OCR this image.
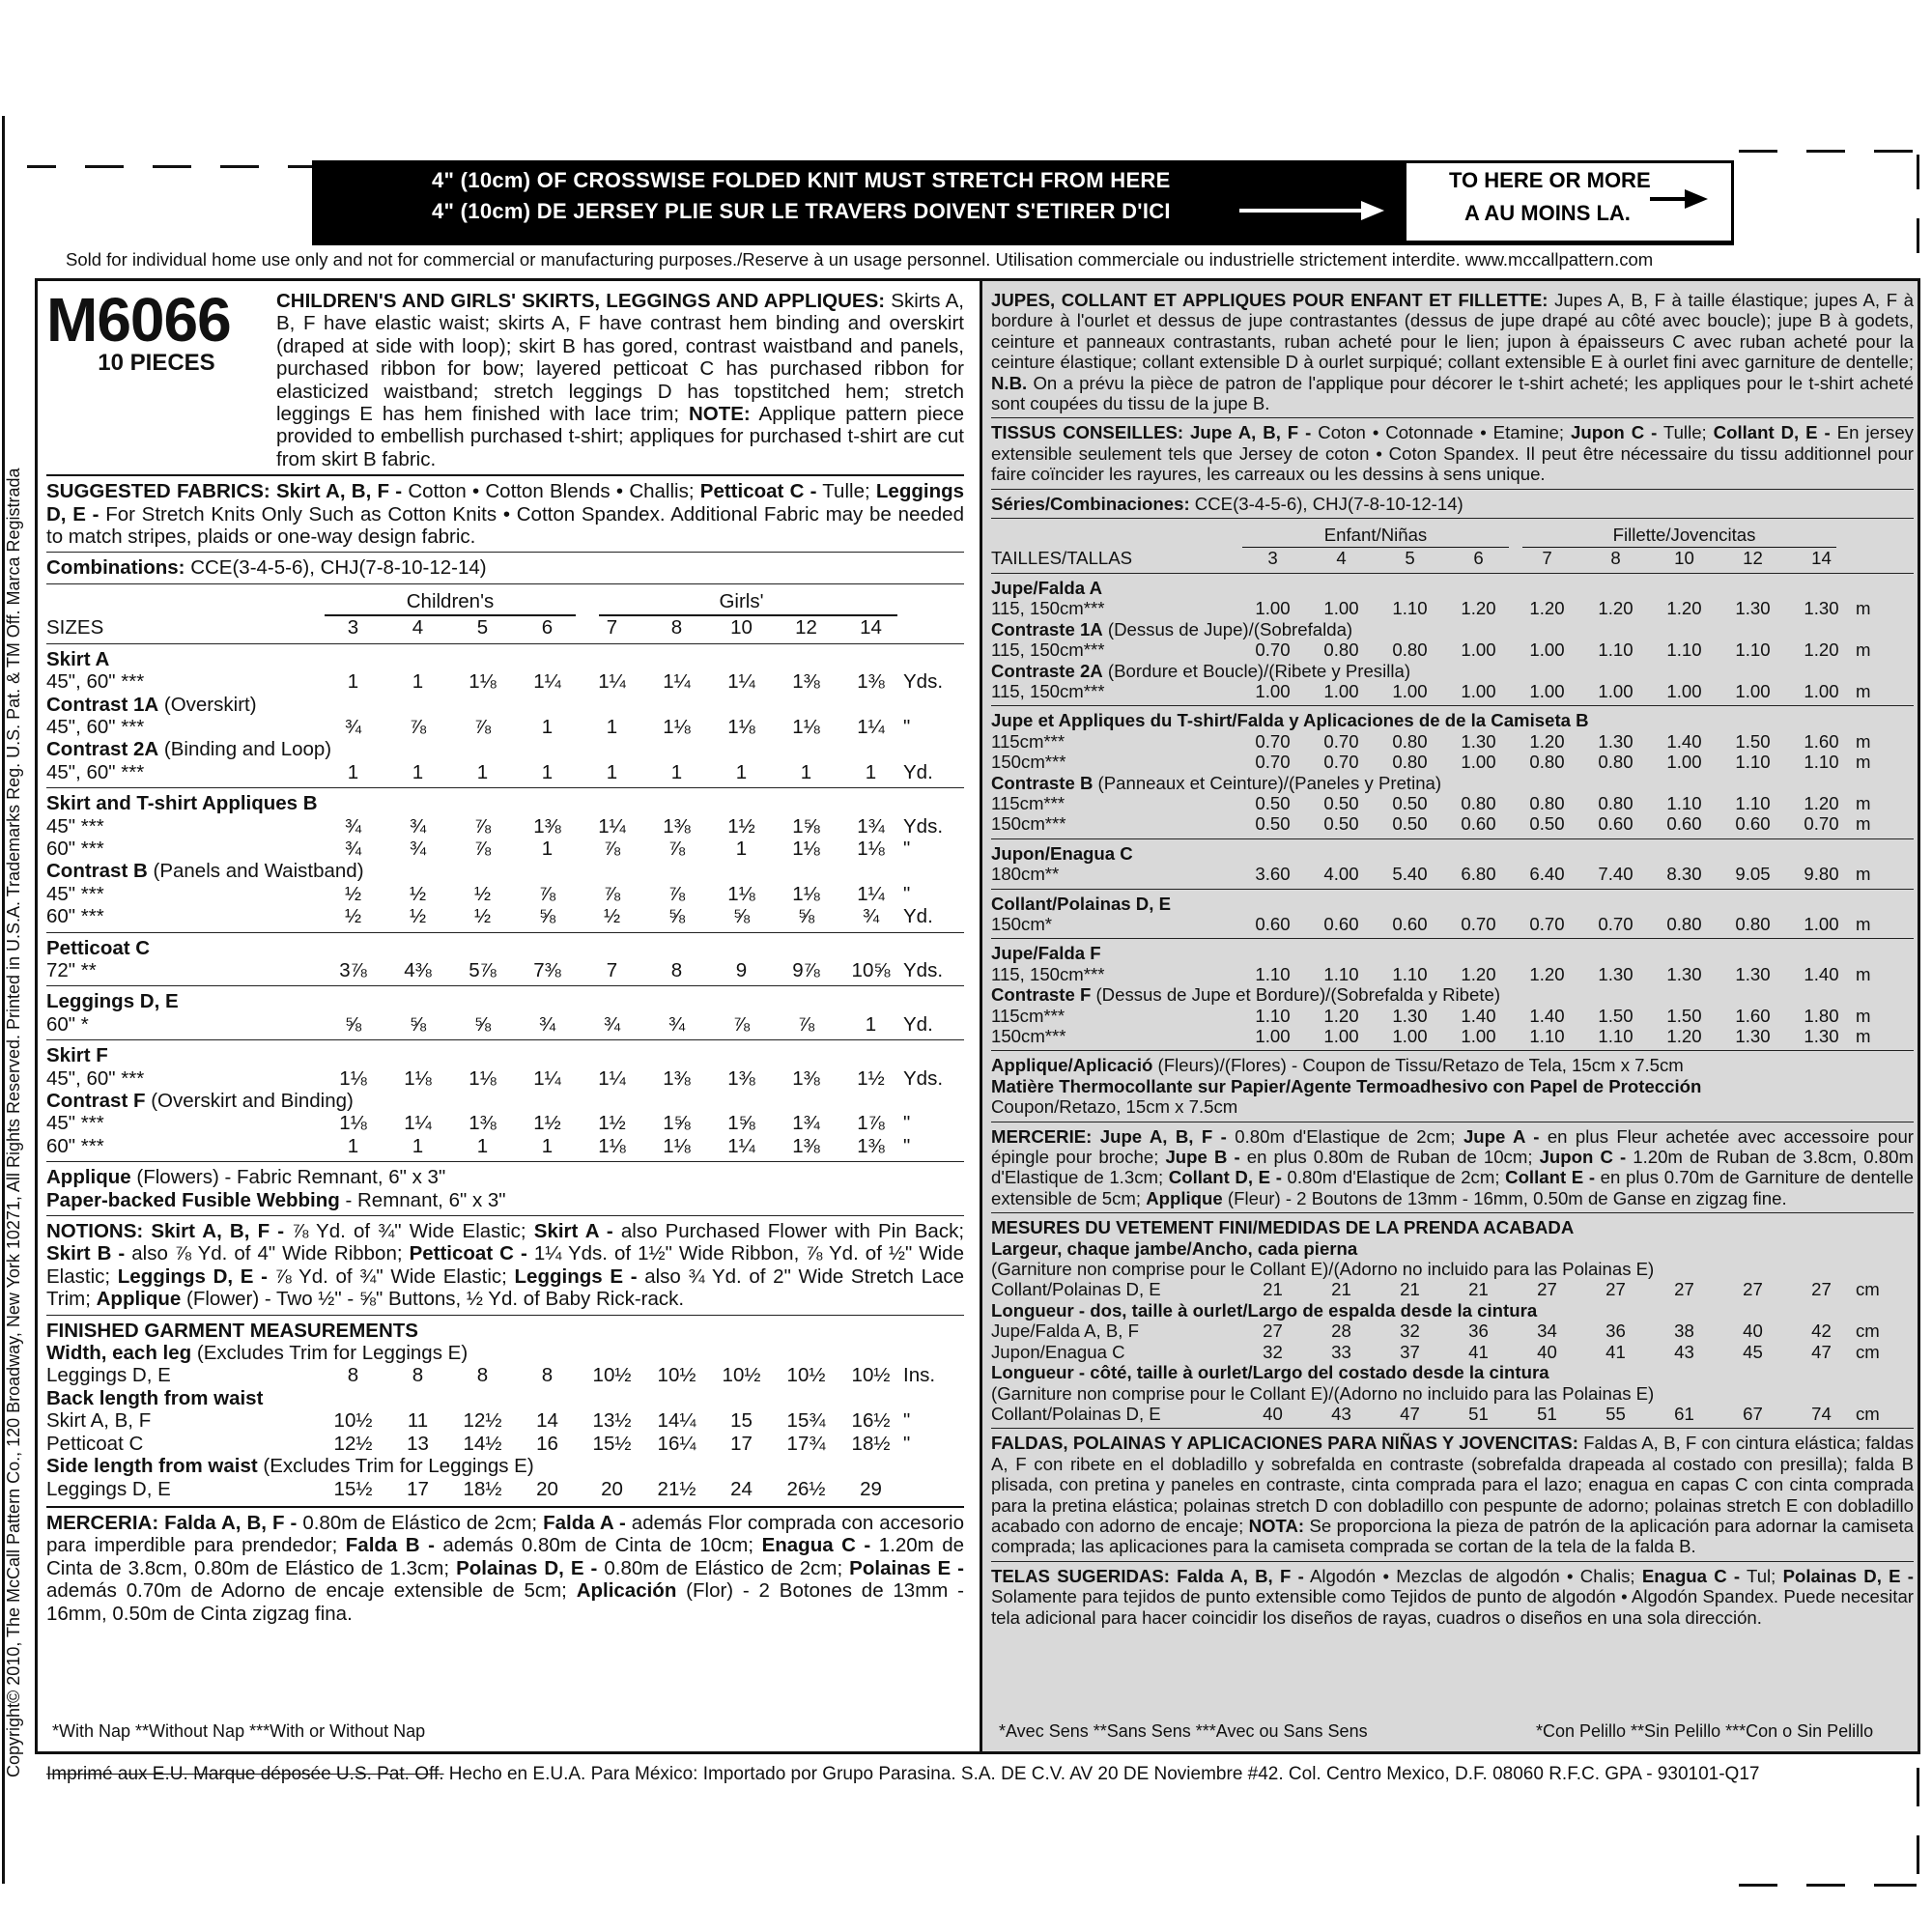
4" (10cm) OF CROSSWISE FOLDED KNIT MUST STRETCH FROM HERE
4" (10cm) DE JERSEY PLIE SUR LE TRAVERS DOIVENT S'ETIRER D'ICI
TO HERE OR MORE
A AU MOINS LA.
Sold for individual home use only and not for commercial or manufacturing purposes./Reserve à un usage personnel. Utilisation commerciale ou industrielle strictement interdite. www.mccallpattern.com
Copyright© 2010, The McCall Pattern Co., 120 Broadway, New York 10271, All Rights Reserved. Printed in U.S.A. Trademarks Reg. U.S. Pat. & TM Off. Marca Registrada
M6066
10 PIECES

CHILDREN'S AND GIRLS' SKIRTS, LEGGINGS AND APPLIQUES: Skirts A, B, F have elastic waist; skirts A, F have contrast hem binding and overskirt (draped at side with loop); skirt B has gored, contrast waistband and panels, purchased ribbon for bow; layered petticoat C has purchased ribbon for elasticized waistband; stretch leggings D has topstitched hem; stretch leggings E has hem finished with lace trim; NOTE: Applique pattern piece provided to embellish purchased t-shirt; appliques for purchased t-shirt are cut from skirt B fabric.

SUGGESTED FABRICS: Skirt A, B, F - Cotton • Cotton Blends • Challis; Petticoat C - Tulle; Leggings D, E - For Stretch Knits Only Such as Cotton Knits • Cotton Spandex. Additional Fabric may be needed to match stripes, plaids or one-way design fabric.

Combinations: CCE(3-4-5-6), CHJ(7-8-10-12-14)
Children's	Girls'
SIZES	3	4	5	6	7	8	10	12	14
Skirt A
45", 60" ***	1	1	1⅛	1¼	1¼	1¼	1¼	1⅜	1⅜ Yds.
Contrast 1A (Overskirt)
45", 60" ***	¾	⅞	⅞	1	1	1⅛	1⅛	1⅛	1¼ "
Contrast 2A (Binding and Loop)
45", 60" ***	1	1	1	1	1	1	1	1	1	Yd.
Skirt and T-shirt Appliques B
45" ***	¾	¾	⅞	1⅜	1¼	1⅜	1½	1⅝	1¾ Yds.
60" ***	¾	¾	⅞	1	⅞	⅞	1	1⅛	1⅛ "
Contrast B (Panels and Waistband)
45" ***	½	½	½	⅞	⅞	⅞	1⅛	1⅛	1¼ "
60" ***	½	½	½	⅝	½	⅝	⅝	⅝	¾	Yd.
Petticoat C
72" **	3⅞	4⅜	5⅞	7⅜	7	8	9	9⅞	10⅝ Yds.
Leggings D, E
60" *	⅝	⅝	⅝	¾	¾	¾	⅞	⅞	1	Yd.
Skirt F
45", 60" ***	1⅛	1⅛	1⅛	1¼	1¼	1⅜	1⅜	1⅜	1½ Yds.
Contrast F (Overskirt and Binding)
45" ***	1⅛	1¼	1⅜	1½	1½	1⅝	1⅝	1¾	1⅞ "
60" ***	1	1	1	1	1⅛	1⅛	1¼	1⅜	1⅜ "
Applique (Flowers) - Fabric Remnant, 6" x 3"
Paper-backed Fusible Webbing - Remnant, 6" x 3"

NOTIONS: Skirt A, B, F - ⅞ Yd. of ¾" Wide Elastic; Skirt A - also Purchased Flower with Pin Back; Skirt B - also ⅞ Yd. of 4" Wide Ribbon; Petticoat C - 1¼ Yds. of 1½" Wide Ribbon, ⅞ Yd. of ½" Wide Elastic; Leggings D, E - ⅞ Yd. of ¾" Wide Elastic; Leggings E - also ¾ Yd. of 2" Wide Stretch Lace Trim; Applique (Flower) - Two ½" - ⅝" Buttons, ½ Yd. of Baby Rick-rack.

FINISHED GARMENT MEASUREMENTS
Width, each leg (Excludes Trim for Leggings E)
Leggings D, E	8	8	8	8	10½	10½	10½	10½	10½ Ins.
Back length from waist
Skirt A, B, F	10½	11	12½	14	13½	14¼	15	15¾	16½ "
Petticoat C	12½	13	14½	16	15½	16¼	17	17¾	18½ "
Side length from waist (Excludes Trim for Leggings E)
Leggings D, E	15½	17	18½	20	20	21½	24	26½	29

MERCERIA: Falda A, B, F - 0.80m de Elástico de 2cm; Falda A - además Flor comprada con accesorio para imperdible para prendedor; Falda B - además 0.80m de Cinta de 10cm; Enagua C - 1.20m de Cinta de 3.8cm, 0.80m de Elástico de 1.3cm; Polainas D, E - 0.80m de Elástico de 2cm; Polainas E - además 0.70m de Adorno de encaje extensible de 5cm; Aplicación (Flor) - 2 Botones de 13mm - 16mm, 0.50m de Cinta zigzag fina.

*With Nap **Without Nap ***With or Without Nap

JUPES, COLLANT ET APPLIQUES POUR ENFANT ET FILLETTE: Jupes A, B, F à taille élastique; jupes A, F à bordure à l'ourlet et dessus de jupe contrastantes (dessus de jupe drapé au côté avec boucle); jupe B à godets, ceinture et panneaux contrastants, ruban acheté pour le lien; jupon à épaisseurs C avec ruban acheté pour la ceinture élastique; collant extensible D à ourlet surpiqué; collant extensible E à ourlet fini avec garniture de dentelle; N.B. On a prévu la pièce de patron de l'applique pour décorer le t-shirt acheté; les appliques pour le t-shirt acheté sont coupées du tissu de la jupe B.

TISSUS CONSEILLES: Jupe A, B, F - Coton • Cotonnade • Etamine; Jupon C - Tulle; Collant D, E - En jersey extensible seulement tels que Jersey de coton • Coton Spandex. Il peut être nécessaire du tissu additionnel pour faire coïncider les rayures, les carreaux ou les dessins à sens unique.

Séries/Combinaciones: CCE(3-4-5-6), CHJ(7-8-10-12-14)
Enfant/Niñas	Fillette/Jovencitas
TAILLES/TALLAS	3	4	5	6	7	8	10	12	14
Jupe/Falda A
115, 150cm***	1.00	1.00	1.10	1.20	1.20	1.20	1.20	1.30	1.30 m
Contraste 1A (Dessus de Jupe)/(Sobrefalda)
115, 150cm***	0.70	0.80	0.80	1.00	1.00	1.10	1.10	1.10	1.20 m
Contraste 2A (Bordure et Boucle)/(Ribete y Presilla)
115, 150cm***	1.00	1.00	1.00	1.00	1.00	1.00	1.00	1.00	1.00 m
Jupe et Appliques du T-shirt/Falda y Aplicaciones de de la Camiseta B
115cm***	0.70	0.70	0.80	1.30	1.20	1.30	1.40	1.50	1.60 m
150cm***	0.70	0.70	0.80	1.00	0.80	0.80	1.00	1.10	1.10 m
Contraste B (Panneaux et Ceinture)/(Paneles y Pretina)
115cm***	0.50	0.50	0.50	0.80	0.80	0.80	1.10	1.10	1.20 m
150cm***	0.50	0.50	0.50	0.60	0.50	0.60	0.60	0.60	0.70 m
Jupon/Enagua C
180cm**	3.60	4.00	5.40	6.80	6.40	7.40	8.30	9.05	9.80 m
Collant/Polainas D, E
150cm*	0.60	0.60	0.60	0.70	0.70	0.70	0.80	0.80	1.00 m
Jupe/Falda F
115, 150cm***	1.10	1.10	1.10	1.20	1.20	1.30	1.30	1.30	1.40 m
Contraste F (Dessus de Jupe et Bordure)/(Sobrefalda y Ribete)
115cm***	1.10	1.20	1.30	1.40	1.40	1.50	1.50	1.60	1.80 m
150cm***	1.00	1.00	1.00	1.00	1.10	1.10	1.20	1.30	1.30 m
Applique/Aplicació (Fleurs)/(Flores) - Coupon de Tissu/Retazo de Tela, 15cm x 7.5cm
Matière Thermocollante sur Papier/Agente Termoadhesivo con Papel de Protección
Coupon/Retazo, 15cm x 7.5cm

MERCERIE: Jupe A, B, F - 0.80m d'Elastique de 2cm; Jupe A - en plus Fleur achetée avec accessoire pour épingle pour broche; Jupe B - en plus 0.80m de Ruban de 10cm; Jupon C - 1.20m de Ruban de 3.8cm, 0.80m d'Elastique de 1.3cm; Collant D, E - 0.80m d'Elastique de 2cm; Collant E - en plus 0.70m de Garniture de dentelle extensible de 5cm; Applique (Fleur) - 2 Boutons de 13mm - 16mm, 0.50m de Ganse en zigzag fine.

MESURES DU VETEMENT FINI/MEDIDAS DE LA PRENDA ACABADA
Largeur, chaque jambe/Ancho, cada pierna
(Garniture non comprise pour le Collant E)/(Adorno no incluido para las Polainas E)
Collant/Polainas D, E	21	21	21	21	27	27	27	27	27	cm
Longueur - dos, taille à ourlet/Largo de espalda desde la cintura
Jupe/Falda A, B, F	27	28	32	36	34	36	38	40	42	cm
Jupon/Enagua C	32	33	37	41	40	41	43	45	47	cm
Longueur - côté, taille à ourlet/Largo del costado desde la cintura
(Garniture non comprise pour le Collant E)/(Adorno no incluido para las Polainas E)
Collant/Polainas D, E	40	43	47	51	51	55	61	67	74	cm

FALDAS, POLAINAS Y APLICACIONES PARA NIÑAS Y JOVENCITAS: Faldas A, B, F con cintura elástica; faldas A, F con ribete en el dobladillo y sobrefalda en contraste (sobrefalda drapeada al costado con presilla); falda B plisada, con pretina y paneles en contraste, cinta comprada para el lazo; enagua en capas C con cinta comprada para la pretina elástica; polainas stretch D con dobladillo con pespunte de adorno; polainas stretch E con dobladillo acabado con adorno de encaje; NOTA: Se proporciona la pieza de patrón de la aplicación para adornar la camiseta comprada; las aplicaciones para la camiseta comprada se cortan de la tela de la falda B.

TELAS SUGERIDAS: Falda A, B, F - Algodón • Mezclas de algodón • Chalis; Enagua C - Tul; Polainas D, E - Solamente para tejidos de punto extensible como Tejidos de punto de algodón • Algodón Spandex. Puede necesitar tela adicional para hacer coincidir los diseños de rayas, cuadros o diseños en una sola dirección.

*Avec Sens **Sans Sens ***Avec ou Sans Sens	*Con Pelillo **Sin Pelillo ***Con o Sin Pelillo
Imprimé aux E.U. Marque déposée U.S. Pat. Off. Hecho en E.U.A. Para México: Importado por Grupo Parasina. S.A. DE C.V. AV 20 DE Noviembre #42. Col. Centro Mexico, D.F. 08060 R.F.C. GPA - 930101-Q17
